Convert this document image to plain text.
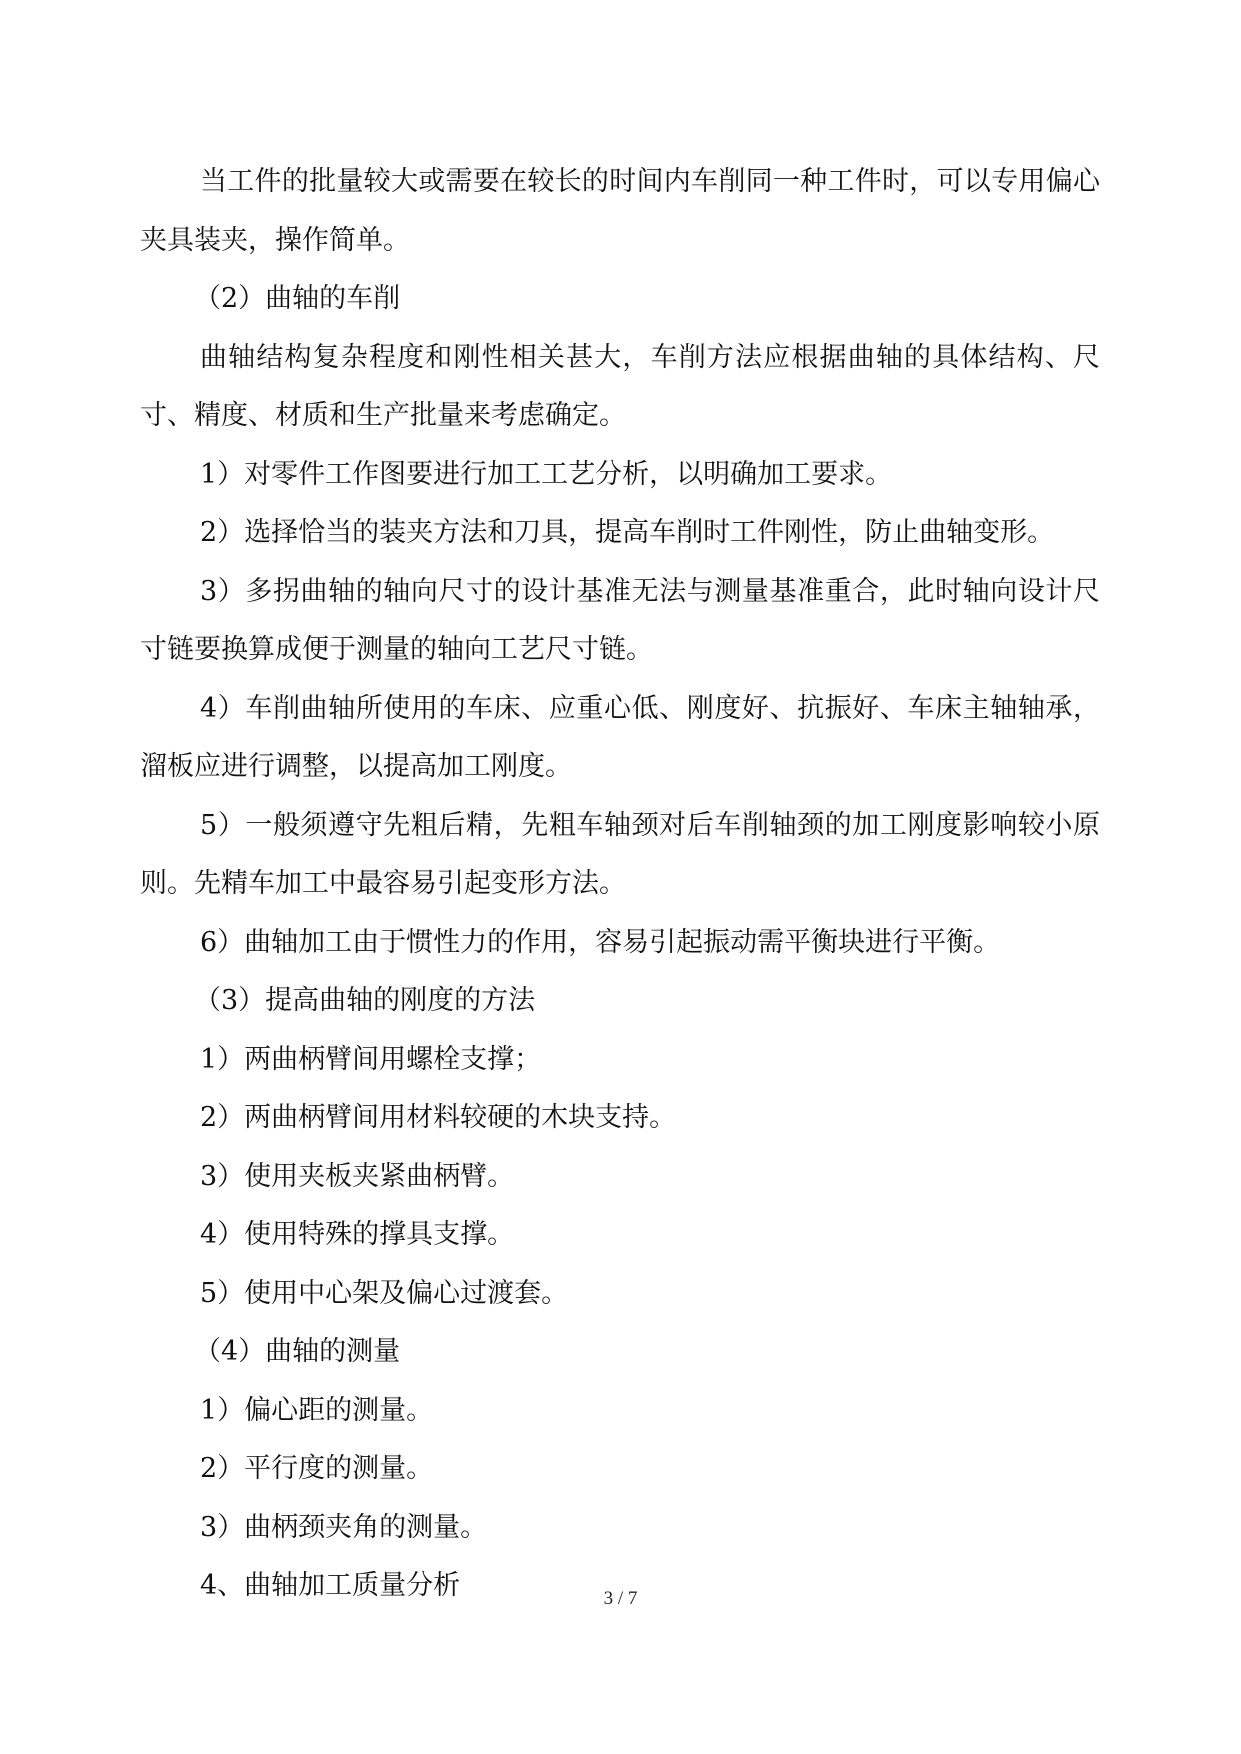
当工件的批量较大或需要在较长的时间内车削同一种工件时，可以专用偏心夹具装夹，操作简单。

（2）曲轴的车削

曲轴结构复杂程度和刚性相关甚大，车削方法应根据曲轴的具体结构、尺寸、精度、材质和生产批量来考虑确定。

1）对零件工作图要进行加工工艺分析，以明确加工要求。

2）选择恰当的装夹方法和刀具，提高车削时工件刚性，防止曲轴变形。

3）多拐曲轴的轴向尺寸的设计基准无法与测量基准重合，此时轴向设计尺寸链要换算成便于测量的轴向工艺尺寸链。

4）车削曲轴所使用的车床、应重心低、刚度好、抗振好、车床主轴轴承，溜板应进行调整，以提高加工刚度。

5）一般须遵守先粗后精，先粗车轴颈对后车削轴颈的加工刚度影响较小原则。先精车加工中最容易引起变形方法。

6）曲轴加工由于惯性力的作用，容易引起振动需平衡块进行平衡。

（3）提高曲轴的刚度的方法

1）两曲柄臂间用螺栓支撑；

2）两曲柄臂间用材料较硬的木块支持。

3）使用夹板夹紧曲柄臂。

4）使用特殊的撑具支撑。

5）使用中心架及偏心过渡套。

（4）曲轴的测量

1）偏心距的测量。

2）平行度的测量。

3）曲柄颈夹角的测量。

4、曲轴加工质量分析	3 / 7
